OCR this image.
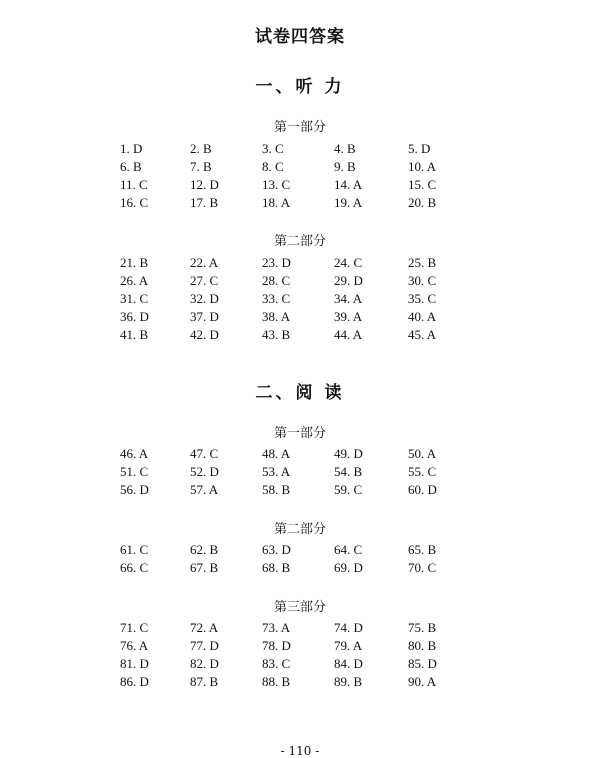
试卷四答案
一、听 力
第一部分
第二部分
二、阅 读
第一部分
第二部分
第三部分
- 110 -
1. D	2. B	3. C	4. B	5. D
6. B	7. B	8. C	9. B	10. A
11. C	12. D	13. C	14. A	15. C
16. C	17. B	18. A	19. A	20. B
21. B	22. A	23. D	24. C	25. B
26. A	27. C	28. C	29. D	30. C
31. C	32. D	33. C	34. A	35. C
36. D	37. D	38. A	39. A	40. A
41. B	42. D	43. B	44. A	45. A
46. A	47. C	48. A	49. D	50. A
51. C	52. D	53. A	54. B	55. C
56. D	57. A	58. B	59. C	60. D
61. C	62. B	63. D	64. C	65. B
66. C	67. B	68. B	69. D	70. C
71. C	72. A	73. A	74. D	75. B
76. A	77. D	78. D	79. A	80. B
81. D	82. D	83. C	84. D	85. D
86. D	87. B	88. B	89. B	90. A
